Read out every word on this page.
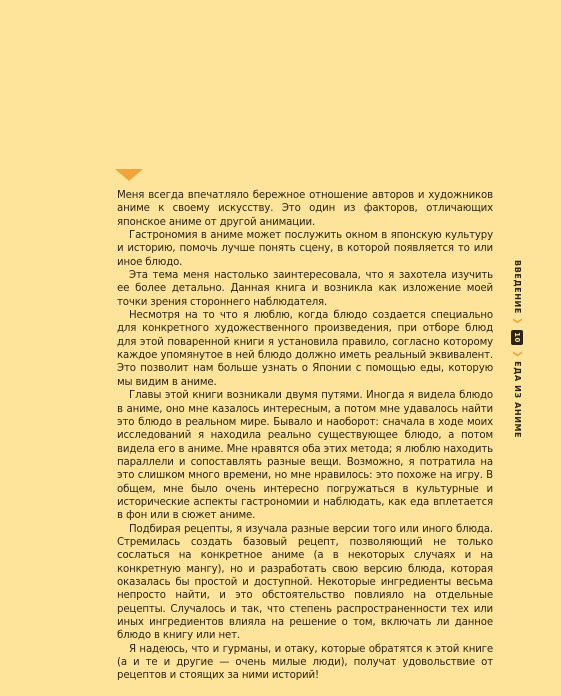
Меня всегда впечатляло бережное отношение авторов и художников аниме к своему искусству. Это один из факторов, отличающих японское аниме от другой анимации.

Гастрономия в аниме может послужить окном в японскую культуру и историю, помочь лучше понять сцену, в которой появляется то или иное блюдо.

Эта тема меня настолько заинтересовала, что я захотела изучить ее более детально. Данная книга и возникла как изложение моей точки зрения стороннего наблюдателя.

Несмотря на то что я люблю, когда блюдо создается специально для конкретного художественного произведения, при отборе блюд для этой поваренной книги я установила правило, согласно которому каждое упомянутое в ней блюдо должно иметь реальный эквивалент. Это позволит нам больше узнать о Японии с помощью еды, которую мы видим в аниме.

Главы этой книги возникали двумя путями. Иногда я видела блюдо в аниме, оно мне казалось интересным, а потом мне удавалось найти это блюдо в реальном мире. Бывало и наоборот: сначала в ходе моих исследований я находила реально существующее блюдо, а потом видела его в аниме. Мне нравятся оба этих метода; я люблю находить параллели и сопоставлять разные вещи. Возможно, я потратила на это слишком много времени, но мне нравилось: это похоже на игру. В общем, мне было очень интересно погружаться в культурные и исторические аспекты гастрономии и наблюдать, как еда вплетается в фон или в сюжет аниме.

Подбирая рецепты, я изучала разные версии того или иного блюда. Стремилась создать базовый рецепт, позволяющий не только сослаться на конкретное аниме (а в некоторых случаях и на конкретную мангу), но и разработать свою версию блюда, которая оказалась бы простой и доступной. Некоторые ингредиенты весьма непросто найти, и это обстоятельство повлияло на отдельные рецепты. Случалось и так, что степень распространенности тех или иных ингредиентов влияла на решение о том, включать ли данное блюдо в книгу или нет.

Я надеюсь, что и гурманы, и отаку, которые обратятся к этой книге (а и те и другие — очень милые люди), получат удовольствие от рецептов и стоящих за ними историй!

ВВЕДЕНИЕ
❯
10
❯
ЕДА ИЗ АНИМЕ
